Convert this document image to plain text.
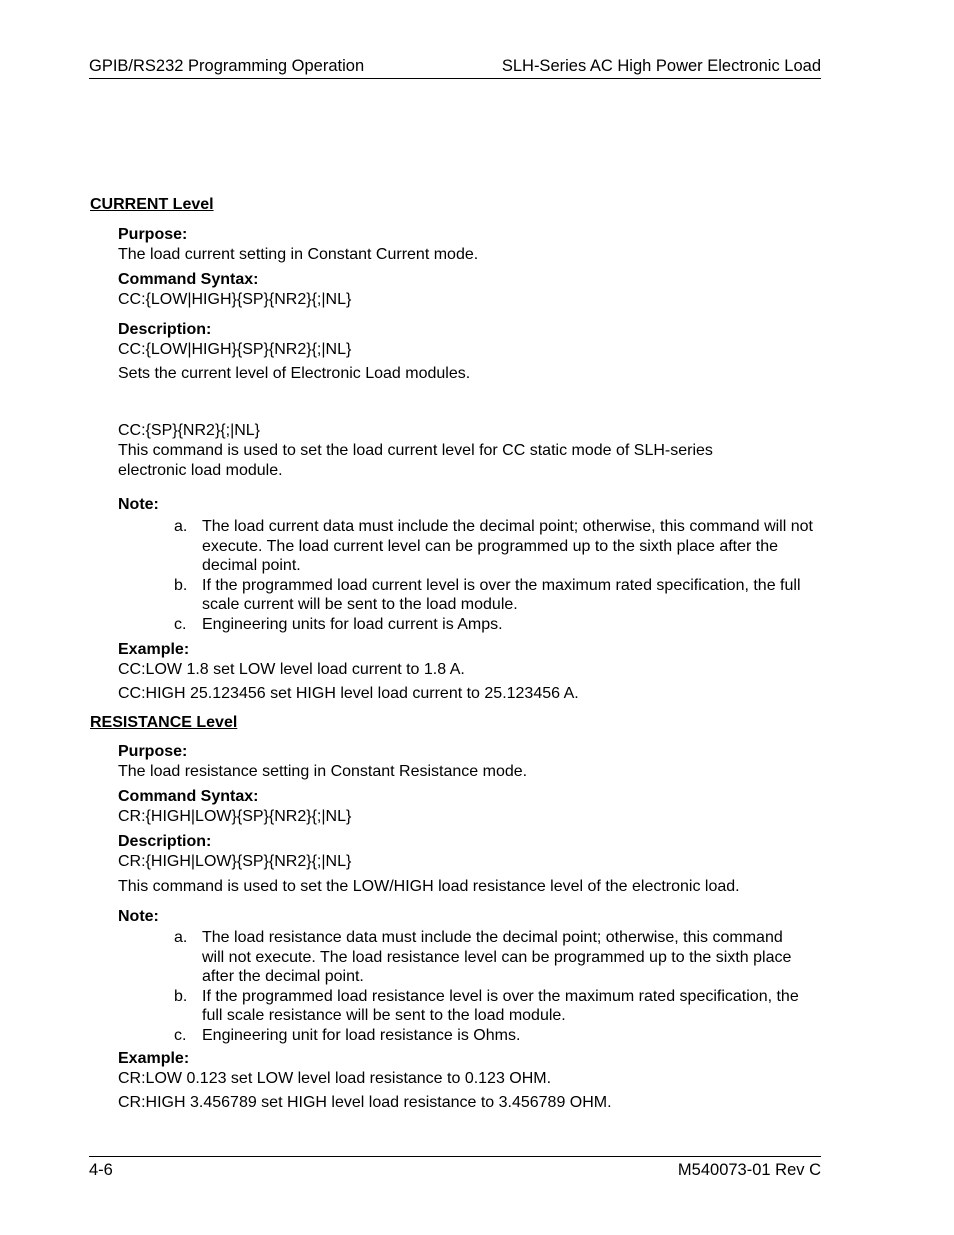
GPIB/RS232 Programming Operation	SLH-Series AC High Power Electronic Load

CURRENT Level

Purpose:

The load current setting in Constant Current mode.

Command Syntax:

CC:{LOW|HIGH}{SP}{NR2}{;|NL}

Description:

CC:{LOW|HIGH}{SP}{NR2}{;|NL}

Sets the current level of Electronic Load modules.

CC:{SP}{NR2}{;|NL}

This command is used to set the load current level for CC static mode of SLH-series electronic load module.

Note:

a. The load current data must include the decimal point; otherwise, this command will not execute. The load current level can be programmed up to the sixth place after the decimal point.
b. If the programmed load current level is over the maximum rated specification, the full scale current will be sent to the load module.
c. Engineering units for load current is Amps.

Example:

CC:LOW 1.8 set LOW level load current to 1.8 A.

CC:HIGH 25.123456 set HIGH level load current to 25.123456 A.

RESISTANCE Level

Purpose:

The load resistance setting in Constant Resistance mode.

Command Syntax:

CR:{HIGH|LOW}{SP}{NR2}{;|NL}

Description:

CR:{HIGH|LOW}{SP}{NR2}{;|NL}

This command is used to set the LOW/HIGH load resistance level of the electronic load.

Note:

a. The load resistance data must include the decimal point; otherwise, this command will not execute. The load resistance level can be programmed up to the sixth place after the decimal point.
b. If the programmed load resistance level is over the maximum rated specification, the full scale resistance will be sent to the load module.
c. Engineering unit for load resistance is Ohms.

Example:

CR:LOW 0.123 set LOW level load resistance to 0.123 OHM.

CR:HIGH 3.456789 set HIGH level load resistance to 3.456789 OHM.

4-6	M540073-01 Rev C
